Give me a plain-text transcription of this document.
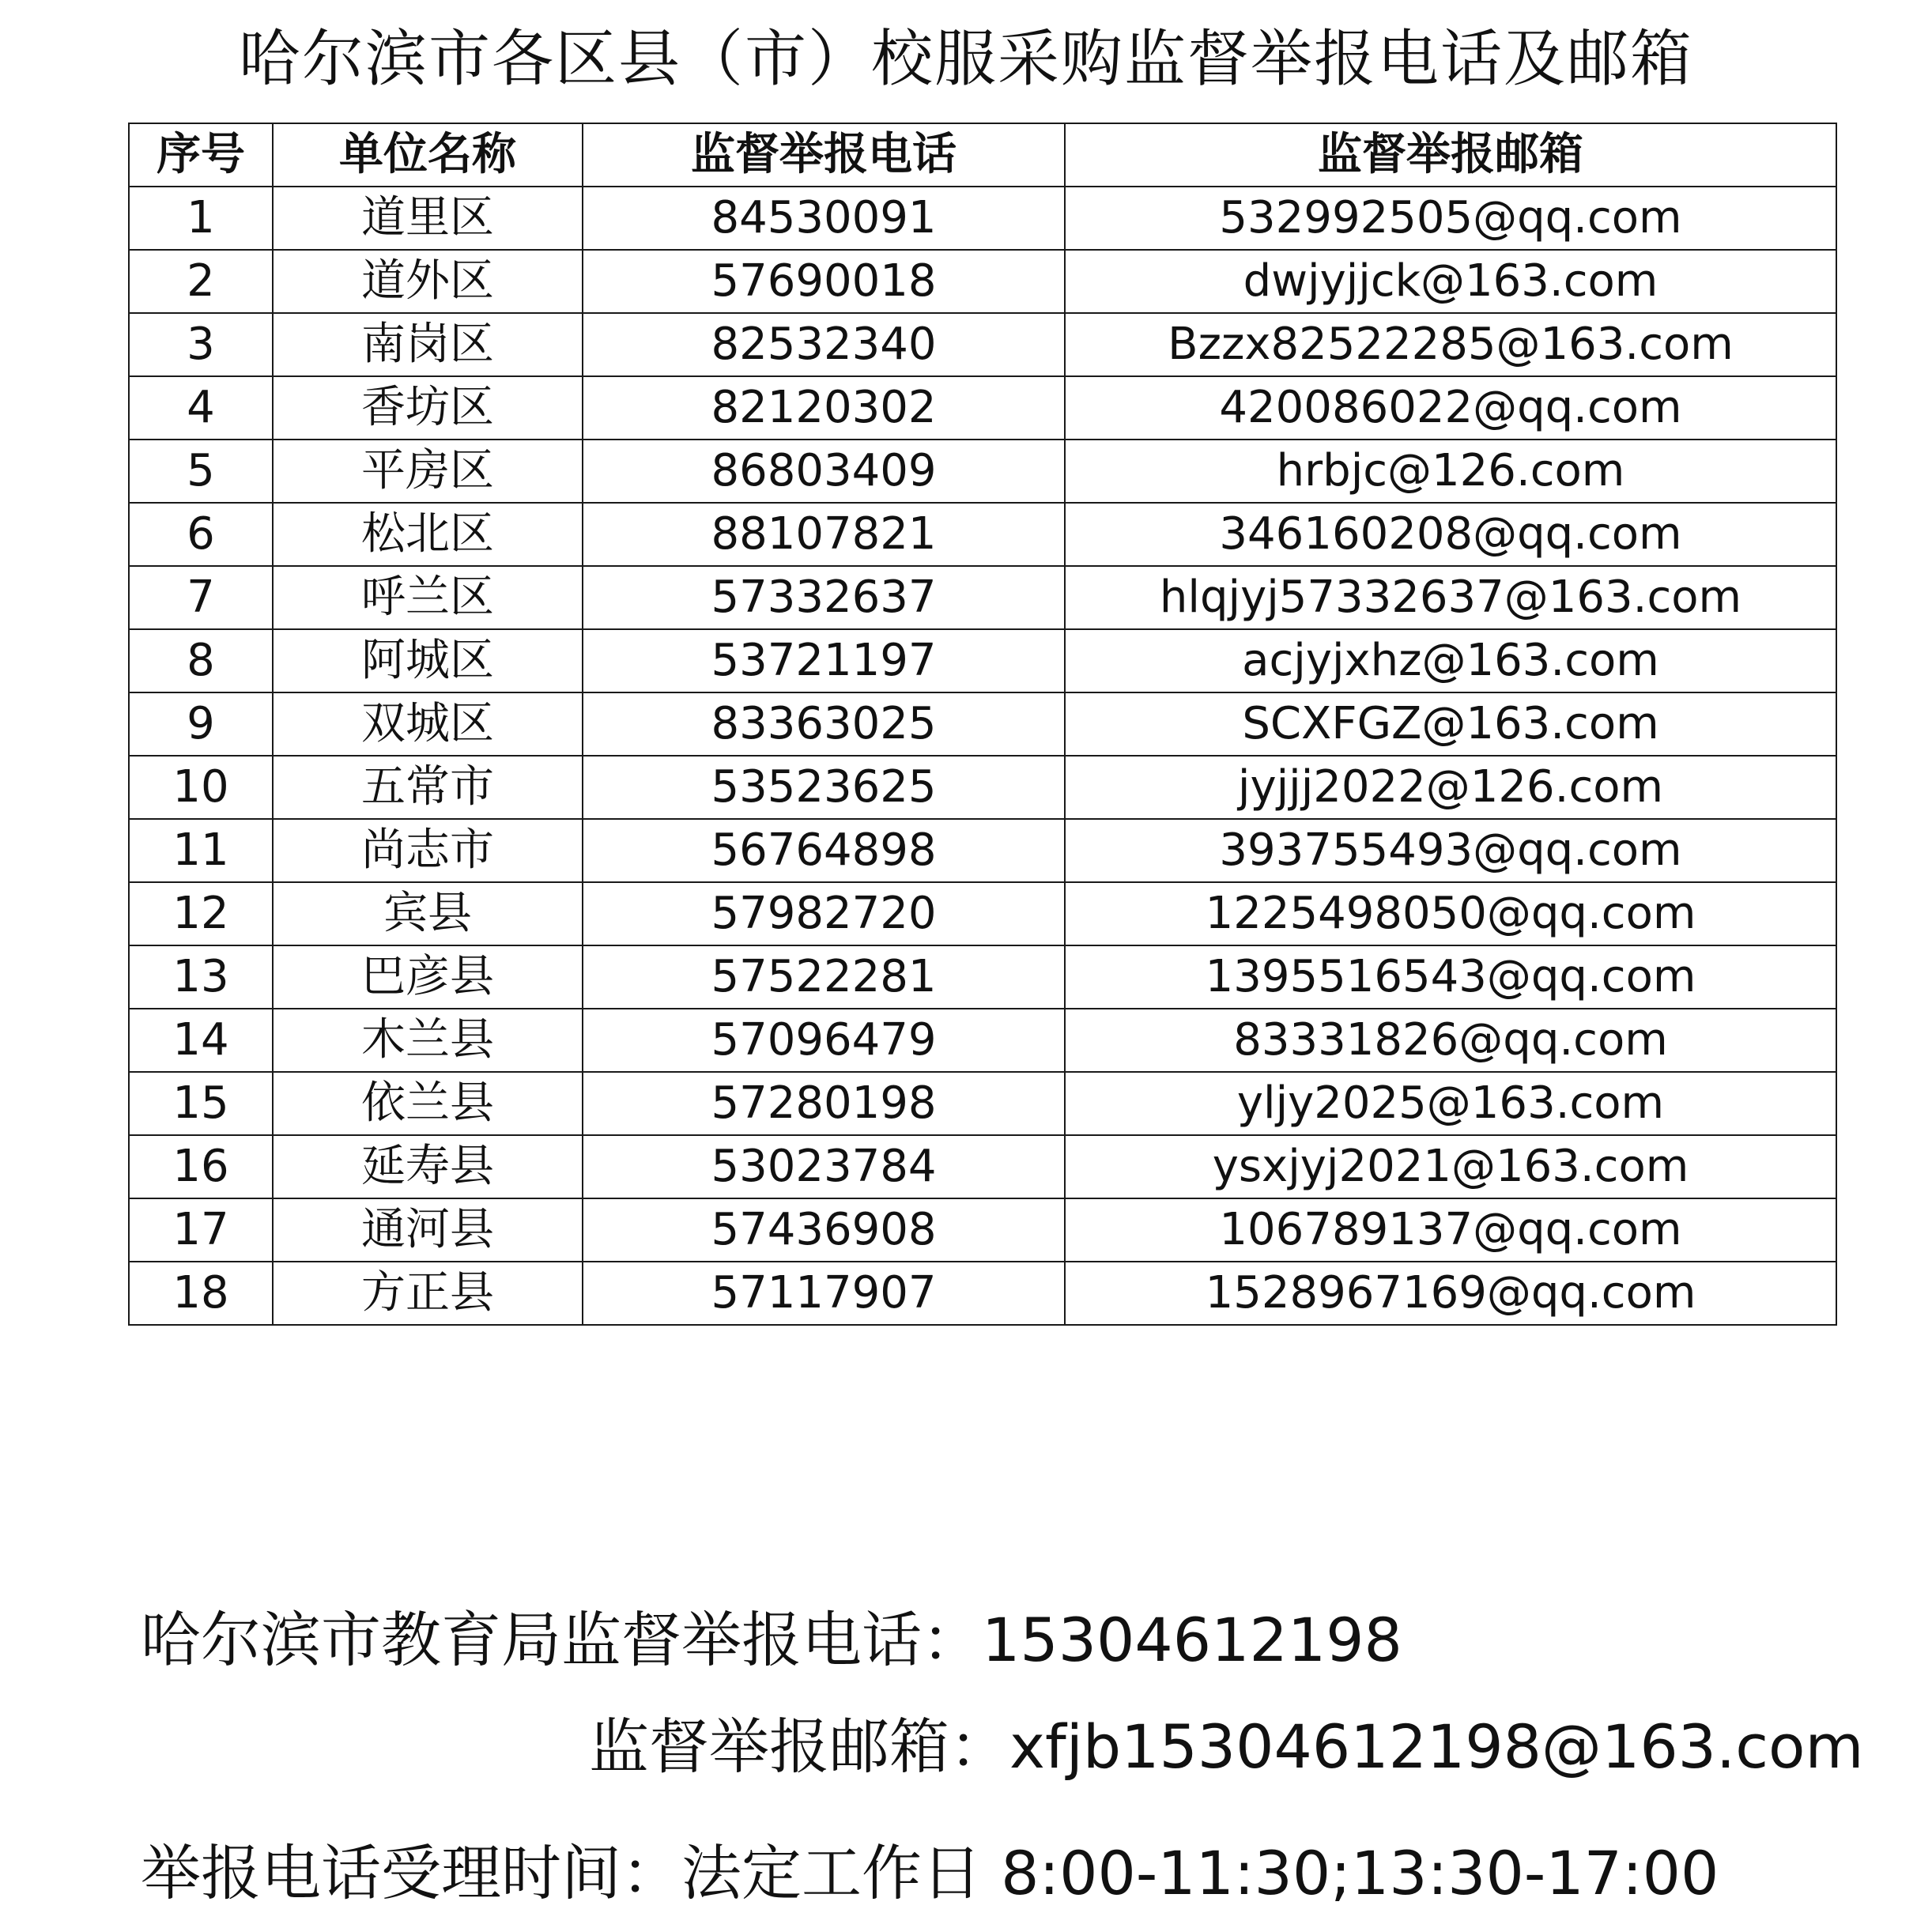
哈尔滨市各区县（市）校服采购监督举报电话及邮箱
序号	单位名称	监督举报电话	监督举报邮箱
1	道里区	84530091	532992505@qq.com
2	道外区	57690018	dwjyjjck@163.com
3	南岗区	82532340	Bzzx82522285@163.com
4	香坊区	82120302	420086022@qq.com
5	平房区	86803409	hrbjc@126.com
6	松北区	88107821	346160208@qq.com
7	呼兰区	57332637	hlqjyj57332637@163.com
8	阿城区	53721197	acjyjxhz@163.com
9	双城区	83363025	SCXFGZ@163.com
10	五常市	53523625	jyjjj2022@126.com
11	尚志市	56764898	393755493@qq.com
12	宾县	57982720	1225498050@qq.com
13	巴彦县	57522281	1395516543@qq.com
14	木兰县	57096479	83331826@qq.com
15	依兰县	57280198	yljy2025@163.com
16	延寿县	53023784	ysxjyj2021@163.com
17	通河县	57436908	106789137@qq.com
18	方正县	57117907	1528967169@qq.com
哈尔滨市教育局监督举报电话：15304612198
监督举报邮箱：xfjb15304612198@163.com
举报电话受理时间：法定工作日 8:00-11:30;13:30-17:00
